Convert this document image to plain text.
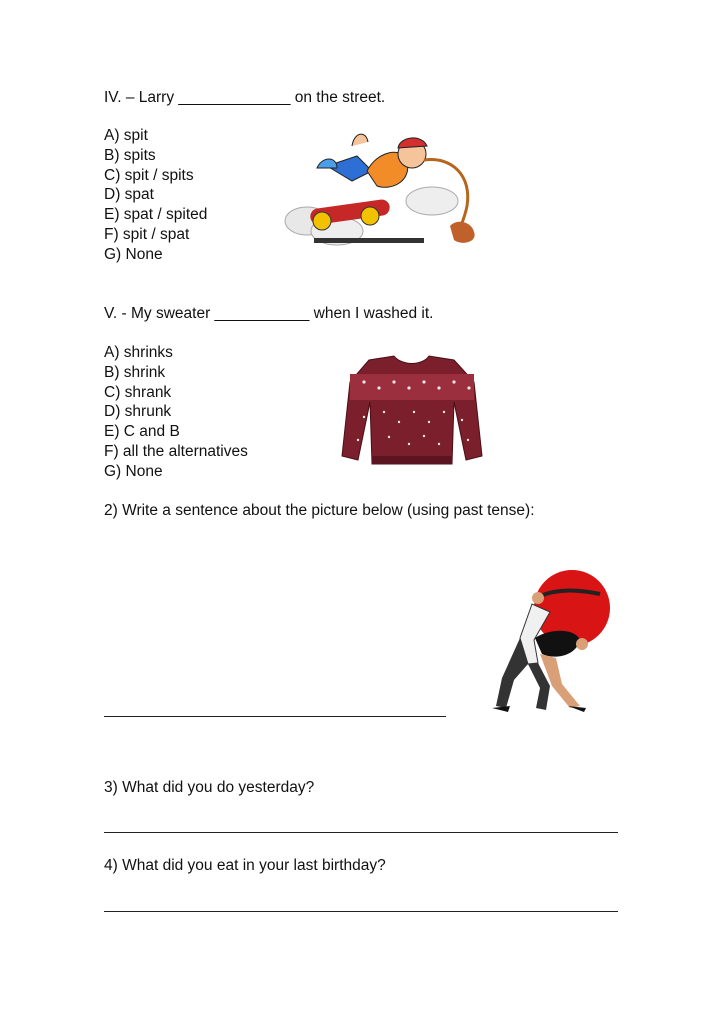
IV. – Larry _____________ on the street.
A) spit
B) spits
C) spit / spits
D) spat
E) spat / spited
F) spit / spat
G) None
V. - My sweater ___________ when I washed it.
A) shrinks
B) shrink
C) shrank
D) shrunk
E) C and B
F) all the alternatives
G) None
2) Write a sentence about the picture below (using past tense):
3) What did you do yesterday?
4) What did you eat in your last birthday?
